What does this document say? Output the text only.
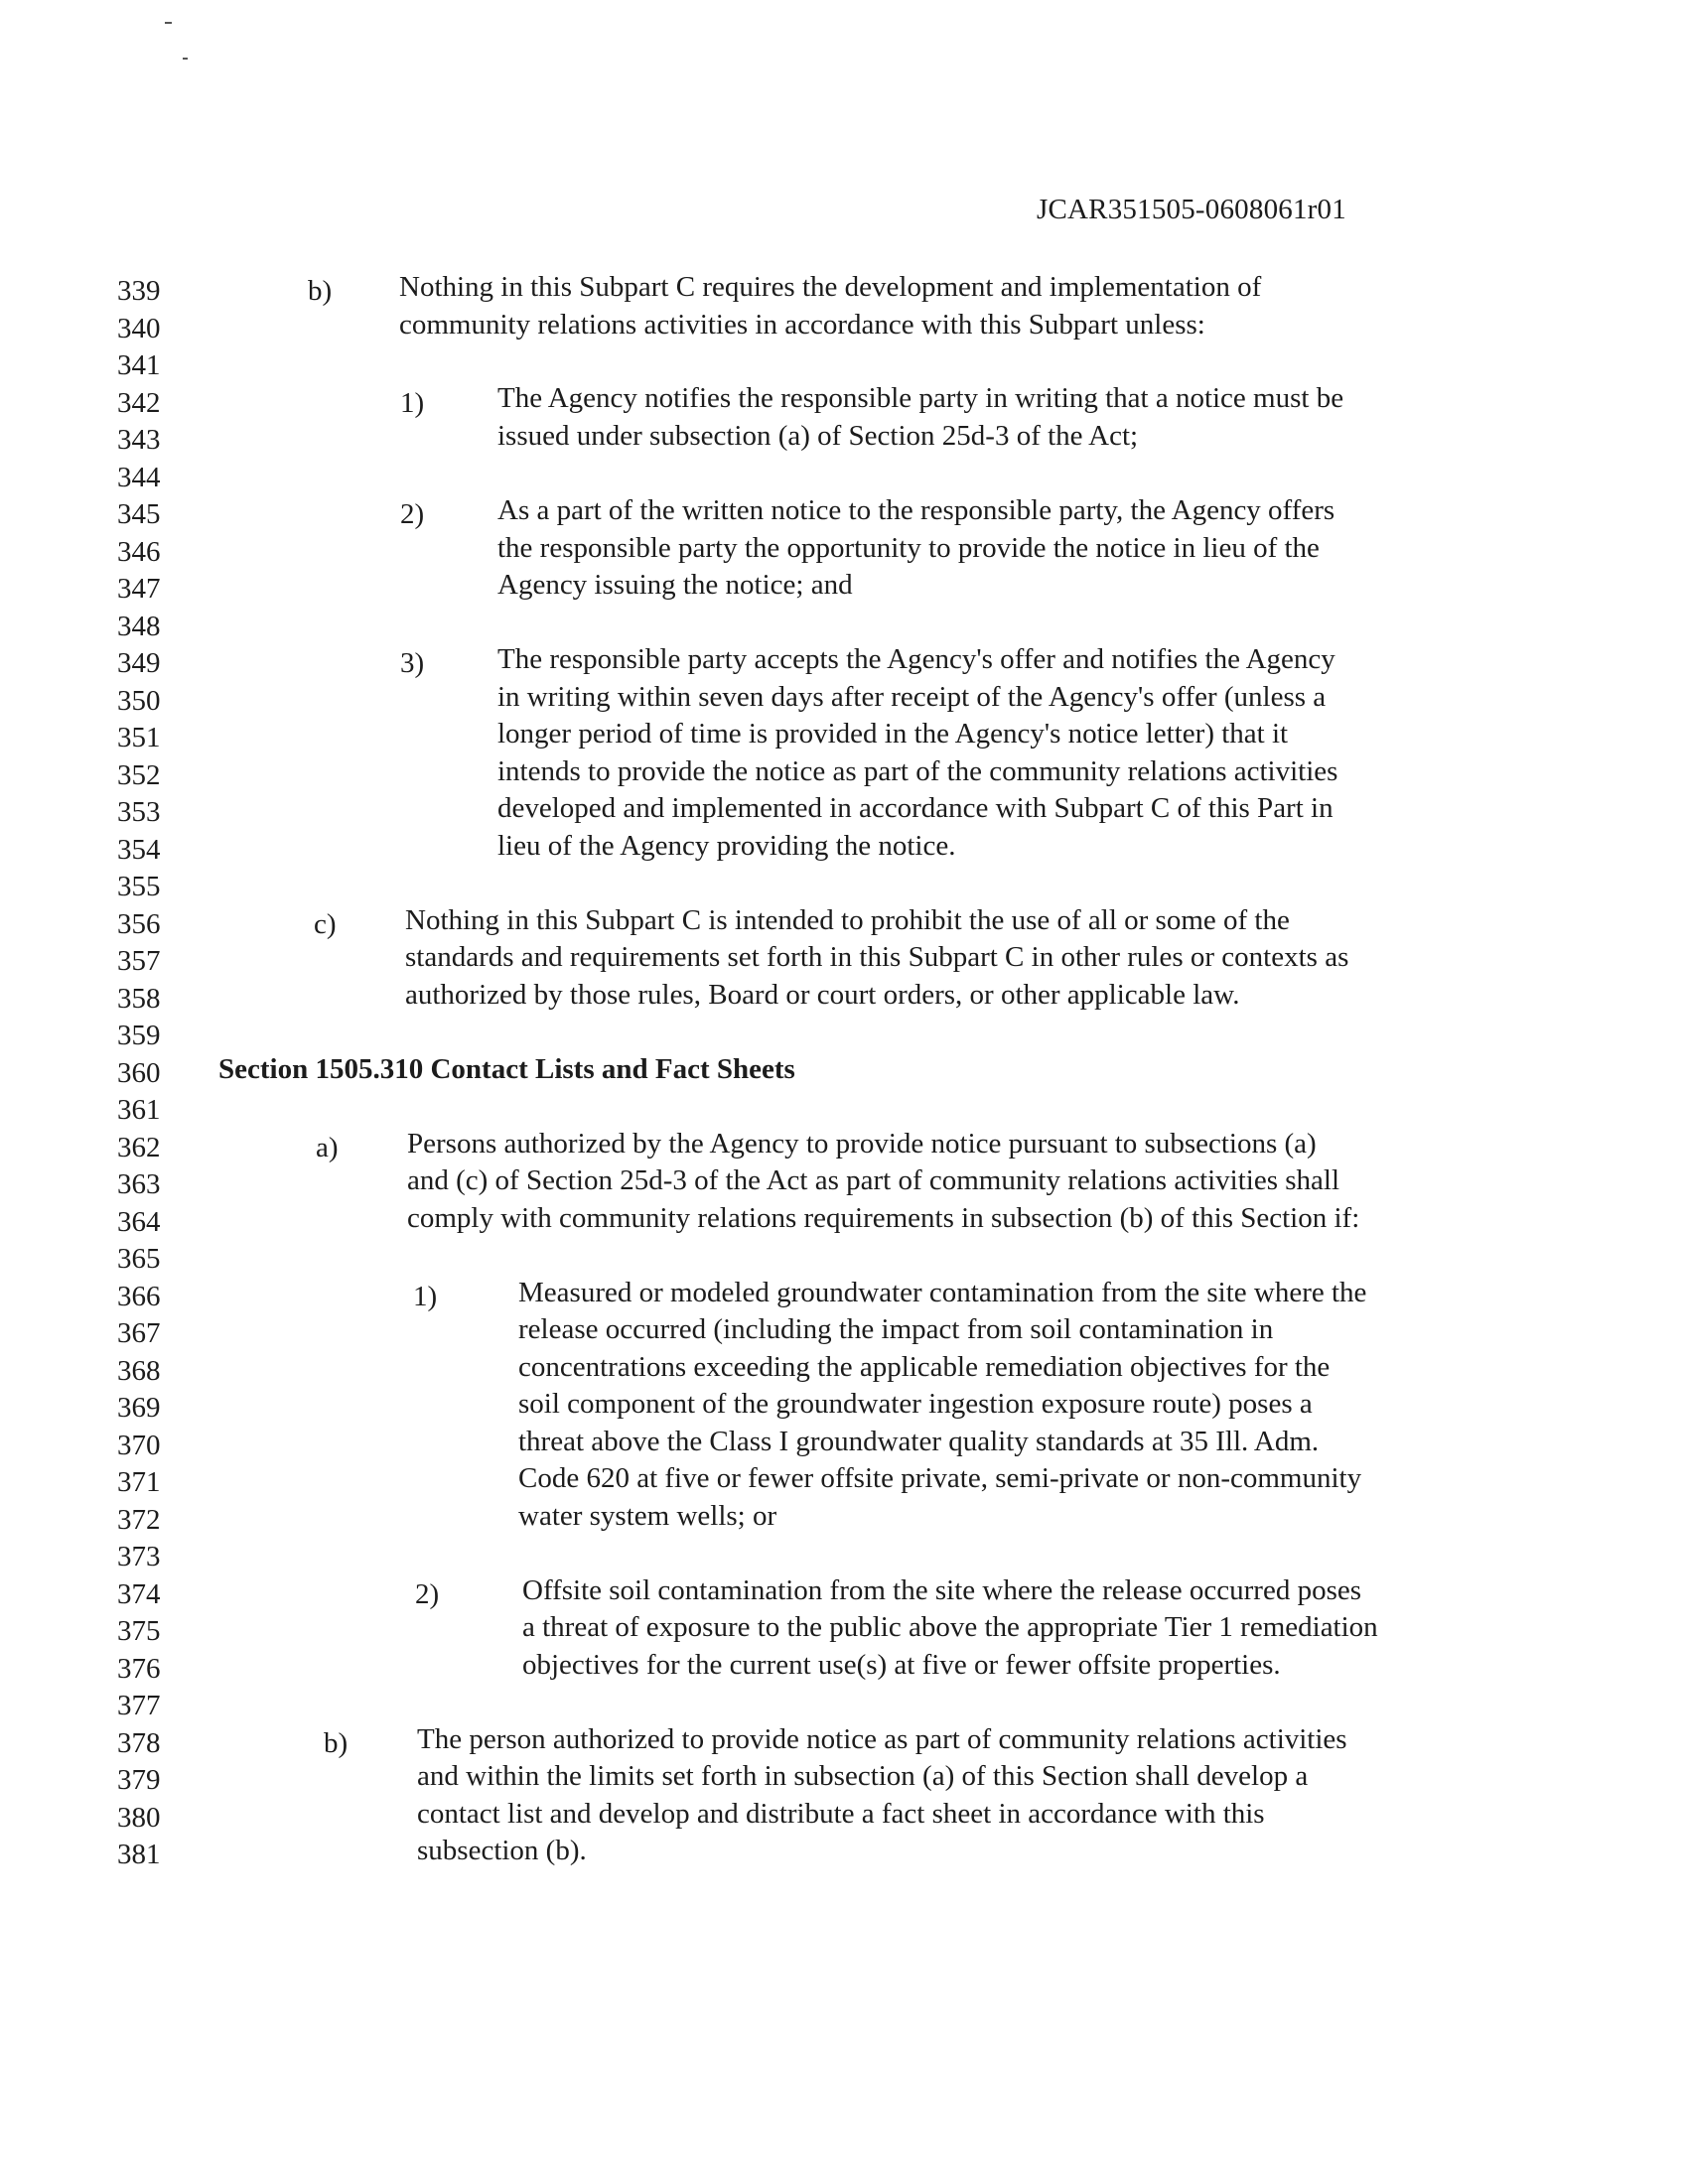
JCAR351505-0608061r01
339
340
341
342
343
344
345
346
347
348
349
350
351
352
353
354
355
356
357
358
359
360
361
362
363
364
365
366
367
368
369
370
371
372
373
374
375
376
377
378
379
380
381
b) Nothing in this Subpart C requires the development and implementation of
community relations activities in accordance with this Subpart unless:
1)	The Agency notifies the responsible party in writing that a notice must be
issued under subsection (a) of Section 25d-3 of the Act;
2)	As a part of the written notice to the responsible party, the Agency offers
the responsible party the opportunity to provide the notice in lieu of the
Agency issuing the notice; and
3)	The responsible party accepts the Agency's offer and notifies the Agency
in writing within seven days after receipt of the Agency's offer (unless a
longer period of time is provided in the Agency's notice letter) that it
intends to provide the notice as part of the community relations activities
developed and implemented in accordance with Subpart C of this Part in
lieu of the Agency providing the notice.
c) Nothing in this Subpart C is intended to prohibit the use of all or some of the
standards and requirements set forth in this Subpart C in other rules or contexts as
authorized by those rules, Board or court orders, or other applicable law.
Section 1505.310 Contact Lists and Fact Sheets
a) Persons authorized by the Agency to provide notice pursuant to subsections (a)
and (c) of Section 25d-3 of the Act as part of community relations activities shall
comply with community relations requirements in subsection (b) of this Section if:
1)	Measured or modeled groundwater contamination from the site where the
release occurred (including the impact from soil contamination in
concentrations exceeding the applicable remediation objectives for the
soil component of the groundwater ingestion exposure route) poses a
threat above the Class I groundwater quality standards at 35 Ill. Adm.
Code 620 at five or fewer offsite private, semi-private or non-community
water system wells; or
2)	Offsite soil contamination from the site where the release occurred poses
a threat of exposure to the public above the appropriate Tier 1 remediation
objectives for the current use(s) at five or fewer offsite properties.
b) The person authorized to provide notice as part of community relations activities
and within the limits set forth in subsection (a) of this Section shall develop a
contact list and develop and distribute a fact sheet in accordance with this
subsection (b).
